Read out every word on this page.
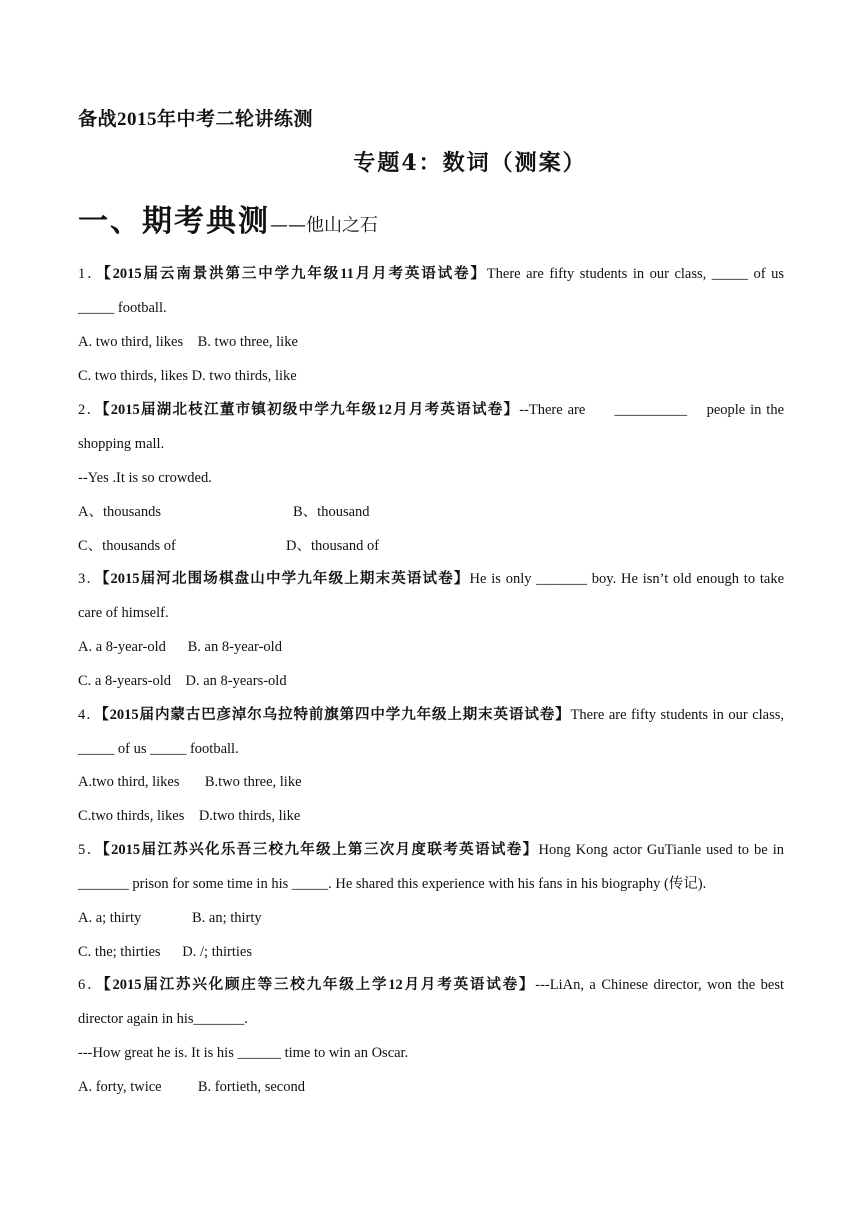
备战2015年中考二轮讲练测
专题4：数词（测案）
一、期考典测——他山之石
1．【2015届云南景洪第三中学九年级11月月考英语试卷】There are fifty students in our class, _____ of us
_____ football.
A. two third, likes    B. two three, like
C. two thirds, likes D. two thirds, like
2．【2015届湖北枝江董市镇初级中学九年级12月月考英语试卷】--There are      __________    people in the
shopping mall.
--Yes .It is so crowded.
A、thousands	B、thousand
C、thousands of	D、thousand of
3．【2015届河北围场棋盘山中学九年级上期末英语试卷】He is only _______ boy. He isn’t old enough to take
care of himself.
A. a 8-year-old      B. an 8-year-old
C. a 8-years-old    D. an 8-years-old
4．【2015届内蒙古巴彦淖尔乌拉特前旗第四中学九年级上期末英语试卷】There are fifty students in our class,
_____ of us _____ football.
A.two third, likes       B.two three, like
C.two thirds, likes    D.two thirds, like
5．【2015届江苏兴化乐吾三校九年级上第三次月度联考英语试卷】Hong Kong actor GuTianle used to be in
_______ prison for some time in his _____. He shared this experience with his fans in his biography (传记).
A. a; thirty              B. an; thirty
C. the; thirties      D. /; thirties
6．【2015届江苏兴化顾庄等三校九年级上学12月月考英语试卷】---LiAn, a Chinese director, won the best
director again in his_______.
---How great he is. It is his ______ time to win an Oscar.
A. forty, twice          B. fortieth, second
